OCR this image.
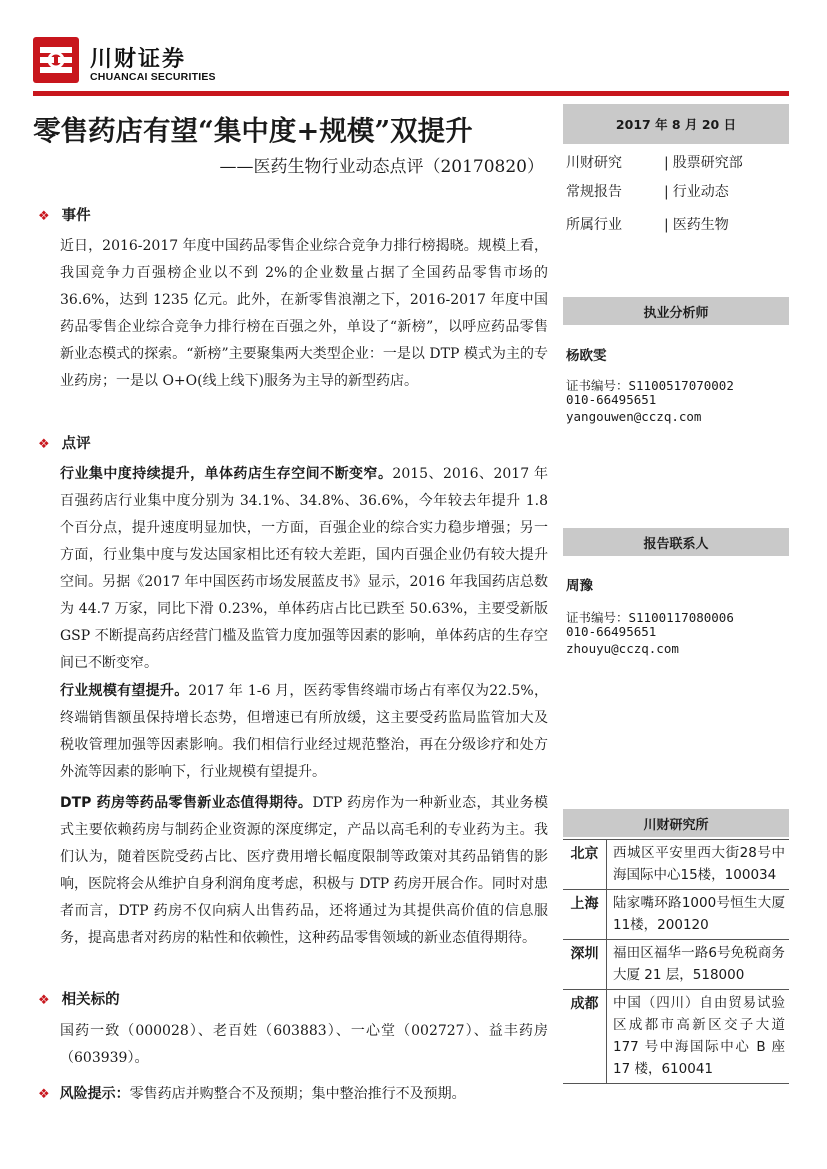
川财证券
CHUANCAI SECURITIES
零售药店有望“集中度+规模”双提升
——医药生物行业动态点评（20170820）
2017 年 8 月 20 日
川财研究	| 股票研究部
常规报告	| 行业动态
所属行业	| 医药生物
执业分析师
杨欧雯
证书编号：S1100517070002
010-66495651
yangouwen@cczq.com
报告联系人
周豫
证书编号：S1100117080006
010-66495651
zhouyu@cczq.com
川财研究所
北京	西城区平安里西大街28号中海国际中心15楼，100034
上海	陆家嘴环路1000号恒生大厦11楼，200120
深圳	福田区福华一路6号免税商务大厦 21 层，518000
成都	中国（四川）自由贸易试验区成都市高新区交子大道 177 号中海国际中心 B 座 17 楼，610041
❖ 事件
近日，2016-2017 年度中国药品零售企业综合竞争力排行榜揭晓。规模上看，我国竞争力百强榜企业以不到 2%的企业数量占据了全国药品零售市场的 36.6%，达到 1235 亿元。此外，在新零售浪潮之下，2016-2017 年度中国药品零售企业综合竞争力排行榜在百强之外，单设了“新榜”，以呼应药品零售新业态模式的探索。“新榜”主要聚集两大类型企业：一是以 DTP 模式为主的专业药房；一是以 O+O(线上线下)服务为主导的新型药店。
❖ 点评
行业集中度持续提升，单体药店生存空间不断变窄。2015、2016、2017 年百强药店行业集中度分别为 34.1%、34.8%、36.6%，今年较去年提升 1.8 个百分点，提升速度明显加快，一方面，百强企业的综合实力稳步增强；另一方面，行业集中度与发达国家相比还有较大差距，国内百强企业仍有较大提升空间。另据《2017 年中国医药市场发展蓝皮书》显示，2016 年我国药店总数为 44.7 万家，同比下滑 0.23%，单体药店占比已跌至 50.63%，主要受新版 GSP 不断提高药店经营门槛及监管力度加强等因素的影响，单体药店的生存空间已不断变窄。
行业规模有望提升。2017 年 1-6 月，医药零售终端市场占有率仅为22.5%，终端销售额虽保持增长态势，但增速已有所放缓，这主要受药监局监管加大及税收管理加强等因素影响。我们相信行业经过规范整治，再在分级诊疗和处方外流等因素的影响下，行业规模有望提升。
DTP 药房等药品零售新业态值得期待。DTP 药房作为一种新业态，其业务模式主要依赖药房与制药企业资源的深度绑定，产品以高毛利的专业药为主。我们认为，随着医院受药占比、医疗费用增长幅度限制等政策对其药品销售的影响，医院将会从维护自身利润角度考虑，积极与 DTP 药房开展合作。同时对患者而言，DTP 药房不仅向病人出售药品，还将通过为其提供高价值的信息服务，提高患者对药房的粘性和依赖性，这种药品零售领域的新业态值得期待。
❖ 相关标的
国药一致（000028）、老百姓（603883）、一心堂（002727）、益丰药房（603939）。
❖ 风险提示：零售药店并购整合不及预期；集中整治推行不及预期。
